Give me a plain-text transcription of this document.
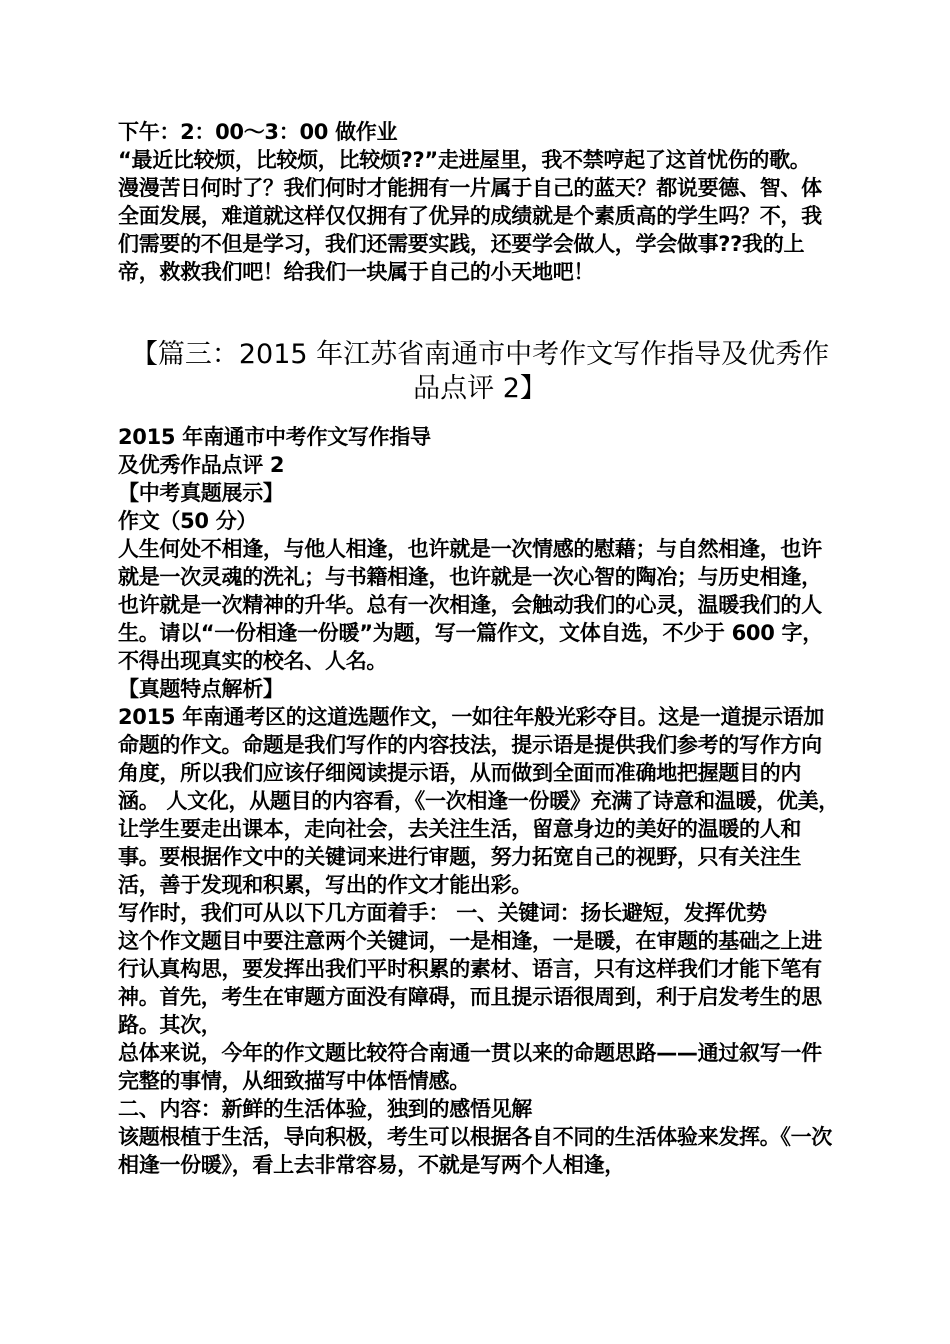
下午：2：00～3：00 做作业
“最近比较烦，比较烦，比较烦??”走进屋里，我不禁哼起了这首忧伤的歌。
漫漫苦日何时了？我们何时才能拥有一片属于自己的蓝天？都说要德、智、体全面发展，难道就这样仅仅拥有了优异的成绩就是个素质高的学生吗？不，我们需要的不但是学习，我们还需要实践，还要学会做人，学会做事??我的上帝，救救我们吧！给我们一块属于自己的小天地吧！
【篇三：2015 年江苏省南通市中考作文写作指导及优秀作品点评 2】
2015 年南通市中考作文写作指导
及优秀作品点评 2
【中考真题展示】
作文（50 分）
人生何处不相逢，与他人相逢，也许就是一次情感的慰藉；与自然相逢，也许就是一次灵魂的洗礼；与书籍相逢，也许就是一次心智的陶冶；与历史相逢，也许就是一次精神的升华。总有一次相逢，会触动我们的心灵，温暖我们的人生。请以“一份相逢一份暖”为题，写一篇作文，文体自选，不少于 600 字，不得出现真实的校名、人名。
【真题特点解析】
2015 年南通考区的这道选题作文，一如往年般光彩夺目。这是一道提示语加命题的作文。命题是我们写作的内容技法，提示语是提供我们参考的写作方向角度，所以我们应该仔细阅读提示语，从而做到全面而准确地把握题目的内涵。 人文化，从题目的内容看，《一次相逢一份暖》充满了诗意和温暖，优美，让学生要走出课本，走向社会，去关注生活，留意身边的美好的温暖的人和事。要根据作文中的关键词来进行审题，努力拓宽自己的视野，只有关注生活，善于发现和积累，写出的作文才能出彩。
写作时，我们可从以下几方面着手： 一、关键词：扬长避短，发挥优势
这个作文题目中要注意两个关键词，一是相逢，一是暖，在审题的基础之上进行认真构思，要发挥出我们平时积累的素材、语言，只有这样我们才能下笔有神。首先，考生在审题方面没有障碍，而且提示语很周到，利于启发考生的思路。其次，
总体来说，今年的作文题比较符合南通一贯以来的命题思路——通过叙写一件完整的事情，从细致描写中体悟情感。
二、内容：新鲜的生活体验，独到的感悟见解
该题根植于生活，导向积极，考生可以根据各自不同的生活体验来发挥。《一次相逢一份暖》，看上去非常容易，不就是写两个人相逢，
